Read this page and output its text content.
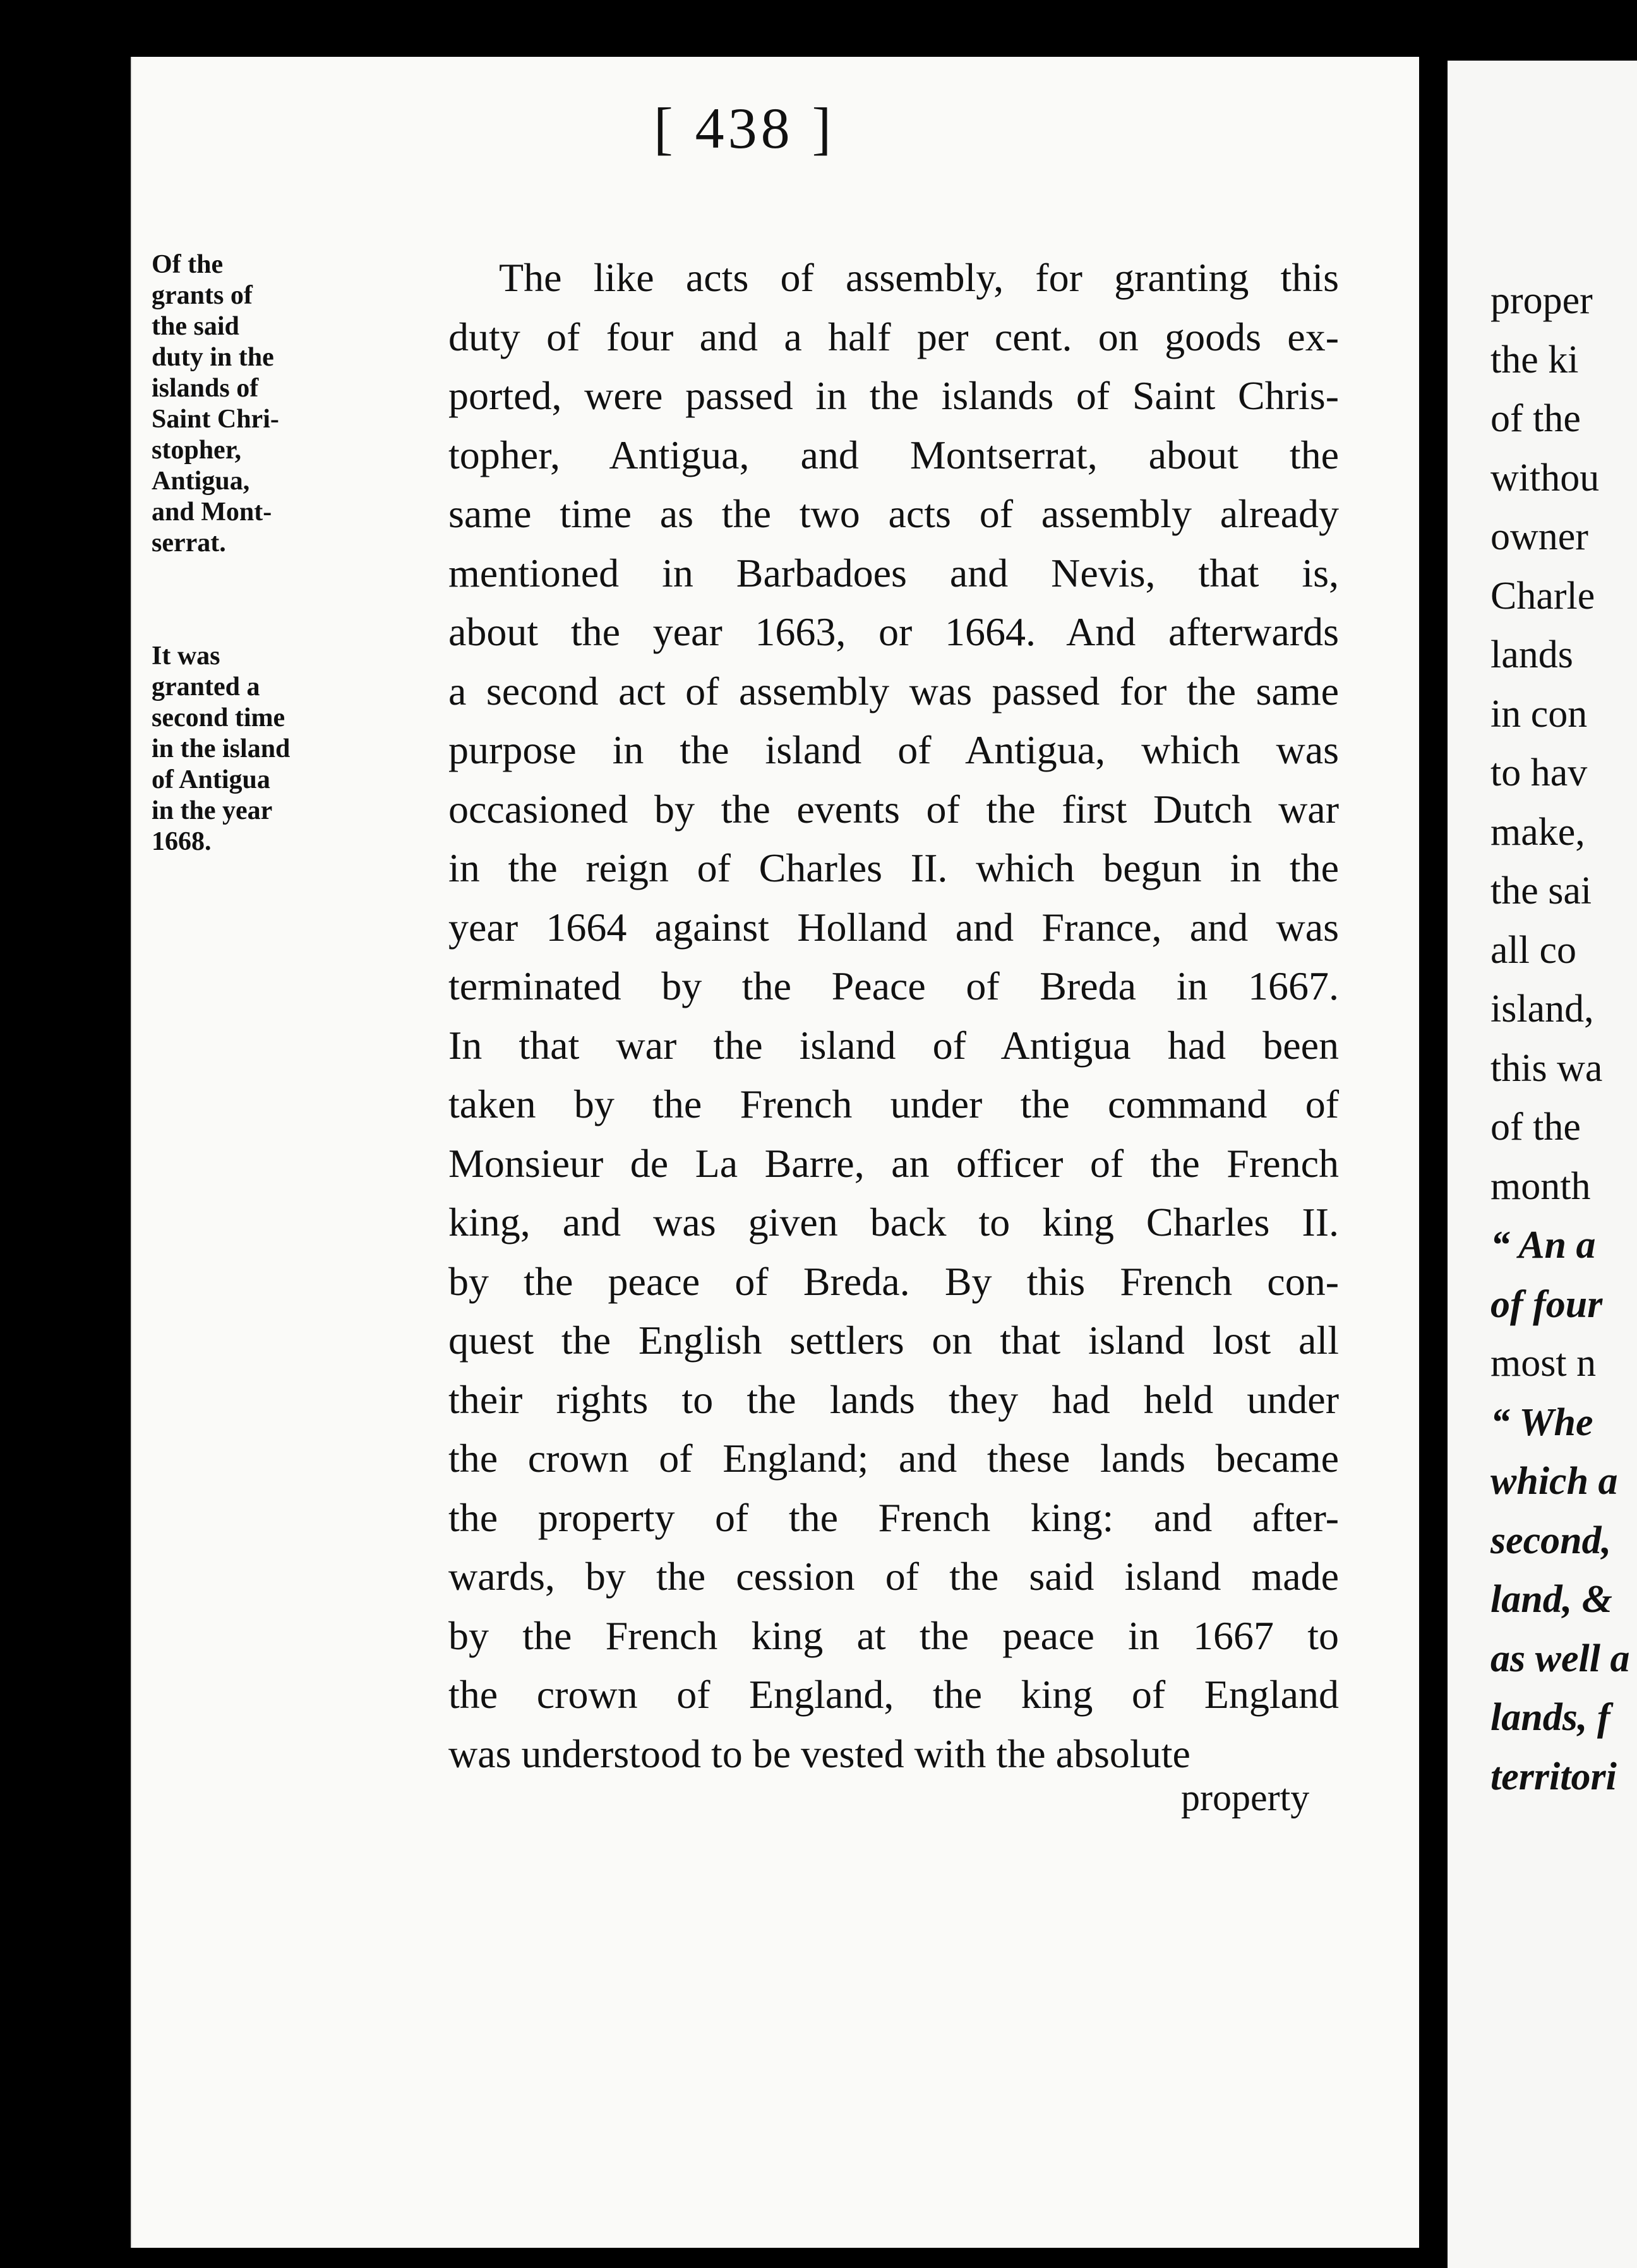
[ 438 ]
Of the
grants of
the said
duty in the
islands of
Saint Chri-
stopher,
Antigua,
and Mont-
serrat.
It was
granted a
second time
in the island
of Antigua
in the year
1668.
The like acts of assembly, for granting this
duty of four and a half per cent. on goods ex-
ported, were passed in the islands of Saint Chris-
topher, Antigua, and Montserrat, about the
same time as the two acts of assembly already
mentioned in Barbadoes and Nevis, that is,
about the year 1663, or 1664. And afterwards
a second act of assembly was passed for the same
purpose in the island of Antigua, which was
occasioned by the events of the first Dutch war
in the reign of Charles II. which begun in the
year 1664 against Holland and France, and was
terminated by the Peace of Breda in 1667.
In that war the island of Antigua had been
taken by the French under the command of
Monsieur de La Barre, an officer of the French
king, and was given back to king Charles II.
by the peace of Breda. By this French con-
quest the English settlers on that island lost all
their rights to the lands they had held under
the crown of England; and these lands became
the property of the French king: and after-
wards, by the cession of the said island made
by the French king at the peace in 1667 to
the crown of England, the king of England
was understood to be vested with the absolute
property
proper
the ki
of the
withou
owner
Charle
lands
in con
to hav
make,
the sai
all co
island,
this wa
of the
month
“ An a
of four
most n
“ Whe
which a
second,
land, &
as well a
lands, f
territori
